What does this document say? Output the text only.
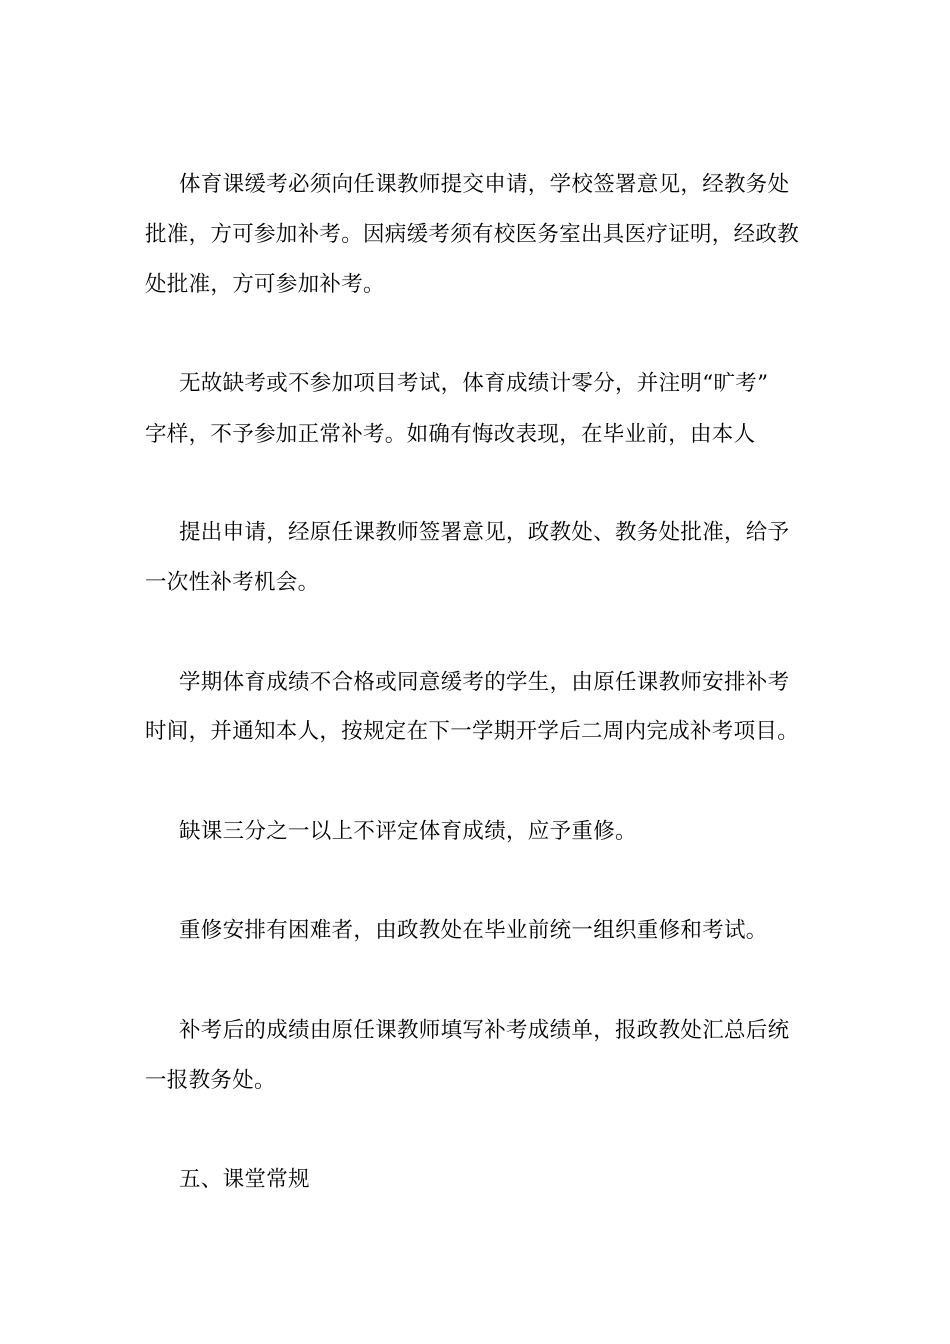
体育课缓考必须向任课教师提交申请，学校签署意见，经教务处
批准，方可参加补考。因病缓考须有校医务室出具医疗证明，经政教
处批准，方可参加补考。
无故缺考或不参加项目考试，体育成绩计零分，并注明“旷考”
字样，不予参加正常补考。如确有悔改表现，在毕业前，由本人
提出申请，经原任课教师签署意见，政教处、教务处批准，给予
一次性补考机会。
学期体育成绩不合格或同意缓考的学生，由原任课教师安排补考
时间，并通知本人，按规定在下一学期开学后二周内完成补考项目。
缺课三分之一以上不评定体育成绩，应予重修。
重修安排有困难者，由政教处在毕业前统一组织重修和考试。
补考后的成绩由原任课教师填写补考成绩单，报政教处汇总后统
一报教务处。
五、课堂常规
